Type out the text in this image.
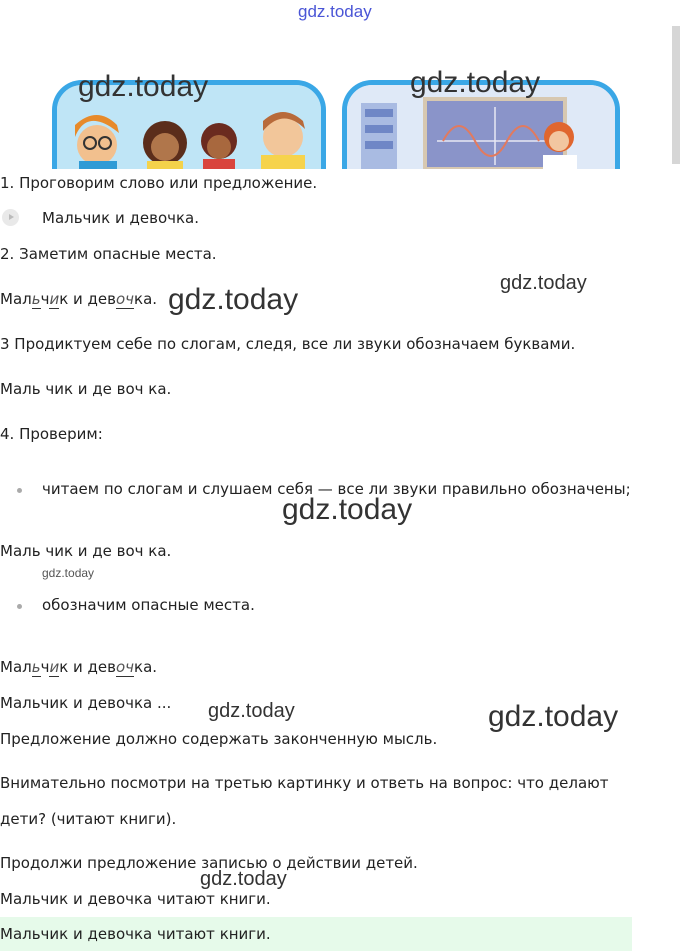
gdz.today
gdz.today	gdz.today
1. Проговорим слово или предложение.
Мальчик и девочка.
2. Заметим опасные места.
Мальчик и девочка. gdz.today	gdz.today
3 Продиктуем себе по слогам, следя, все ли звуки обозначаем буквами.
Маль чик и де воч ка.
4. Проверим:
читаем по слогам и слушаем себя — все ли звуки правильно обозначены;
gdz.today
Маль чик и де воч ка.
gdz.today
обозначим опасные места.
Мальчик и девочка.
Мальчик и девочка ... gdz.today	gdz.today
Предложение должно содержать законченную мысль.
Внимательно посмотри на третью картинку и ответь на вопрос: что делают
дети? (читают книги).
Продолжи предложение записью о действии детей.
gdz.today
Мальчик и девочка читают книги.
Мальчик и девочка читают книги.
